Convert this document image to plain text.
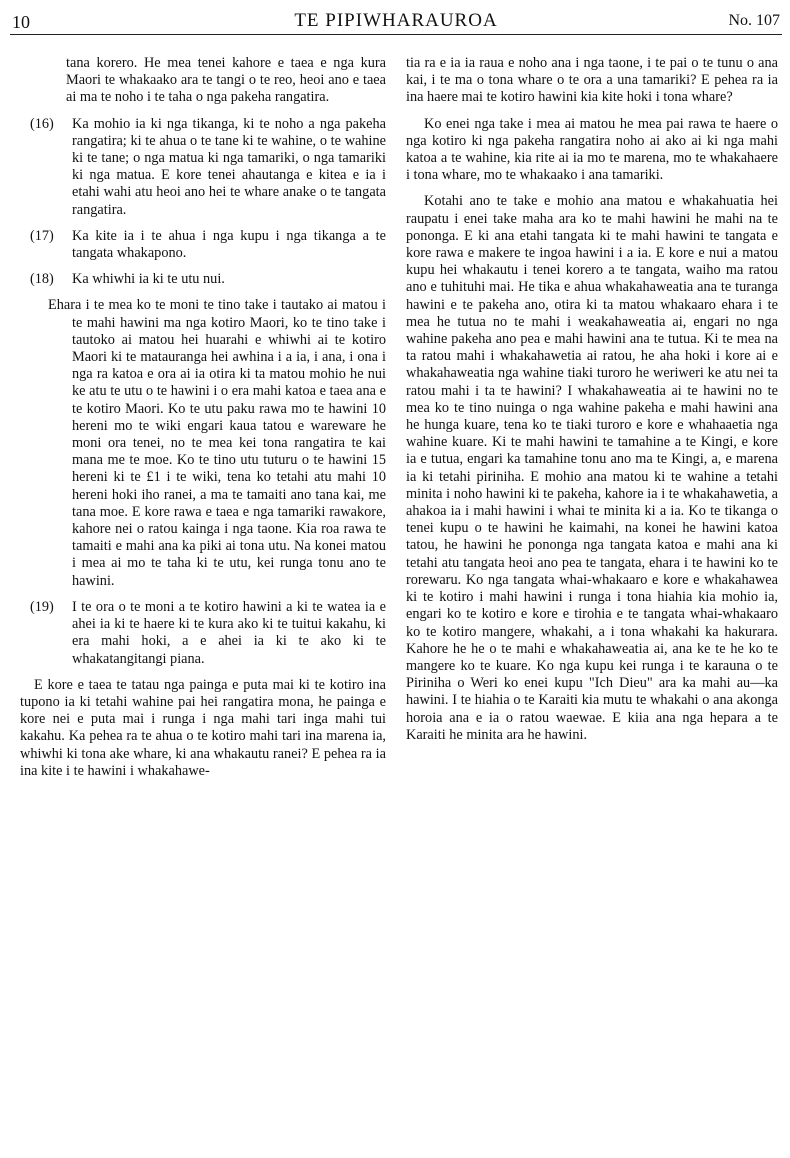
10	TE PIPIWHARAUROA	No. 107

tana korero. He mea tenei kahore e taea e nga kura Maori te whakaako ara te tangi o te reo, heoi ano e taea ai ma te noho i te taha o nga pakeha rangatira.

(16) Ka mohio ia ki nga tikanga, ki te noho a nga pakeha rangatira; ki te ahua o te tane ki te wahine, o te wahine ki te tane; o nga matua ki nga tamariki, o nga tamariki ki nga matua. E kore tenei ahautanga e kitea e ia i etahi wahi atu heoi ano hei te whare anake o te tangata rangatira.
(17) Ka kite ia i te ahua i nga kupu i nga tikanga a te tangata whakapono.
(18) Ka whiwhi ia ki te utu nui.

Ehara i te mea ko te moni te tino take i tautako ai matou i te mahi hawini ma nga kotiro Maori, ko te tino take i tautoko ai matou hei huarahi e whiwhi ai te kotiro Maori ki te matauranga hei awhina i a ia, i ana, i ona i nga ra katoa e ora ai ia otira ki ta matou mohio he nui ke atu te utu o te hawini i o era mahi katoa e taea ana e te kotiro Maori. Ko te utu paku rawa mo te hawini 10 hereni mo te wiki engari kaua tatou e wareware he moni ora tenei, no te mea kei tona rangatira te kai mana me te moe. Ko te tino utu tuturu o te hawini 15 hereni ki te £1 i te wiki, tena ko tetahi atu mahi 10 hereni hoki iho ranei, a ma te tamaiti ano tana kai, me tana moe. E kore rawa e taea e nga tamariki rawakore, kahore nei o ratou kainga i nga taone. Kia roa rawa te tamaiti e mahi ana ka piki ai tona utu. Na konei matou i mea ai mo te taha ki te utu, kei runga tonu ano te hawini.

(19) I te ora o te moni a te kotiro hawini a ki te watea ia e ahei ia ki te haere ki te kura ako ki te tuitui kakahu, ki era mahi hoki, a e ahei ia ki te ako ki te whakatangitangi piana.

E kore e taea te tatau nga painga e puta mai ki te kotiro ina tupono ia ki tetahi wahine pai hei rangatira mona, he painga e kore nei e puta mai i runga i nga mahi tari inga mahi tui kakahu. Ka pehea ra te ahua o te kotiro mahi tari ina marena ia, whiwhi ki tona ake whare, ki ana whakautu ranei? E pehea ra ia ina kite i te hawini i whakahawe-

tia ra e ia ia raua e noho ana i nga taone, i te pai o te tunu o ana kai, i te ma o tona whare o te ora a una tamariki? E pehea ra ia ina haere mai te kotiro hawini kia kite hoki i tona whare?

Ko enei nga take i mea ai matou he mea pai rawa te haere o nga kotiro ki nga pakeha rangatira noho ai ako ai ki nga mahi katoa a te wahine, kia rite ai ia mo te marena, mo te whakahaere i tona whare, mo te whakaako i ana tamariki.

Kotahi ano te take e mohio ana matou e whakahuatia hei raupatu i enei take maha ara ko te mahi hawini he mahi na te pononga. E ki ana etahi tangata ki te mahi hawini te tangata e kore rawa e makere te ingoa hawini i a ia. E kore e nui a matou kupu hei whakautu i tenei korero a te tangata, waiho ma ratou ano e tuhituhi mai. He tika e ahua whakahaweatia ana te turanga hawini e te pakeha ano, otira ki ta matou whakaaro ehara i te mea he tutua no te mahi i weakahaweatia ai, engari no nga wahine pakeha ano pea e mahi hawini ana te tutua. Ki te mea na ta ratou mahi i whakahawetia ai ratou, he aha hoki i kore ai e whakahaweatia nga wahine tiaki turoro he weriweri ke atu nei ta ratou mahi i ta te hawini? I whakahaweatia ai te hawini no te mea ko te tino nuinga o nga wahine pakeha e mahi hawini ana he hunga kuare, tena ko te tiaki turoro e kore e whahaaetia nga wahine kuare. Ki te mahi hawini te tamahine a te Kingi, e kore ia e tutua, engari ka tamahine tonu ano ma te Kingi, a, e marena ia ki tetahi piriniha. E mohio ana matou ki te wahine a tetahi minita i noho hawini ki te pakeha, kahore ia i te whakahawetia, a ahakoa ia i mahi hawini i whai te minita ki a ia. Ko te tikanga o tenei kupu o te hawini he kaimahi, na konei he hawini katoa tatou, he hawini he pononga nga tangata katoa e mahi ana ki tetahi atu tangata heoi ano pea te tangata, ehara i te hawini ko te rorewaru. Ko nga tangata whai-whakaaro e kore e whakahawea ki te kotiro i mahi hawini i runga i tona hiahia kia mohio ia, engari ko te kotiro e kore e tirohia e te tangata whai-whakaaro ko te kotiro mangere, whakahi, a i tona whakahi ka hakurara. Kahore he he o te mahi e whakahaweatia ai, ana ke te he ko te mangere ko te kuare. Ko nga kupu kei runga i te karauna o te Piriniha o Weri ko enei kupu "Ich Dieu" ara ka mahi au—ka hawini. I te hiahia o te Karaiti kia mutu te whakahi o ana akonga horoia ana e ia o ratou waewae. E kiia ana nga hepara a te Karaiti he minita ara he hawini.
